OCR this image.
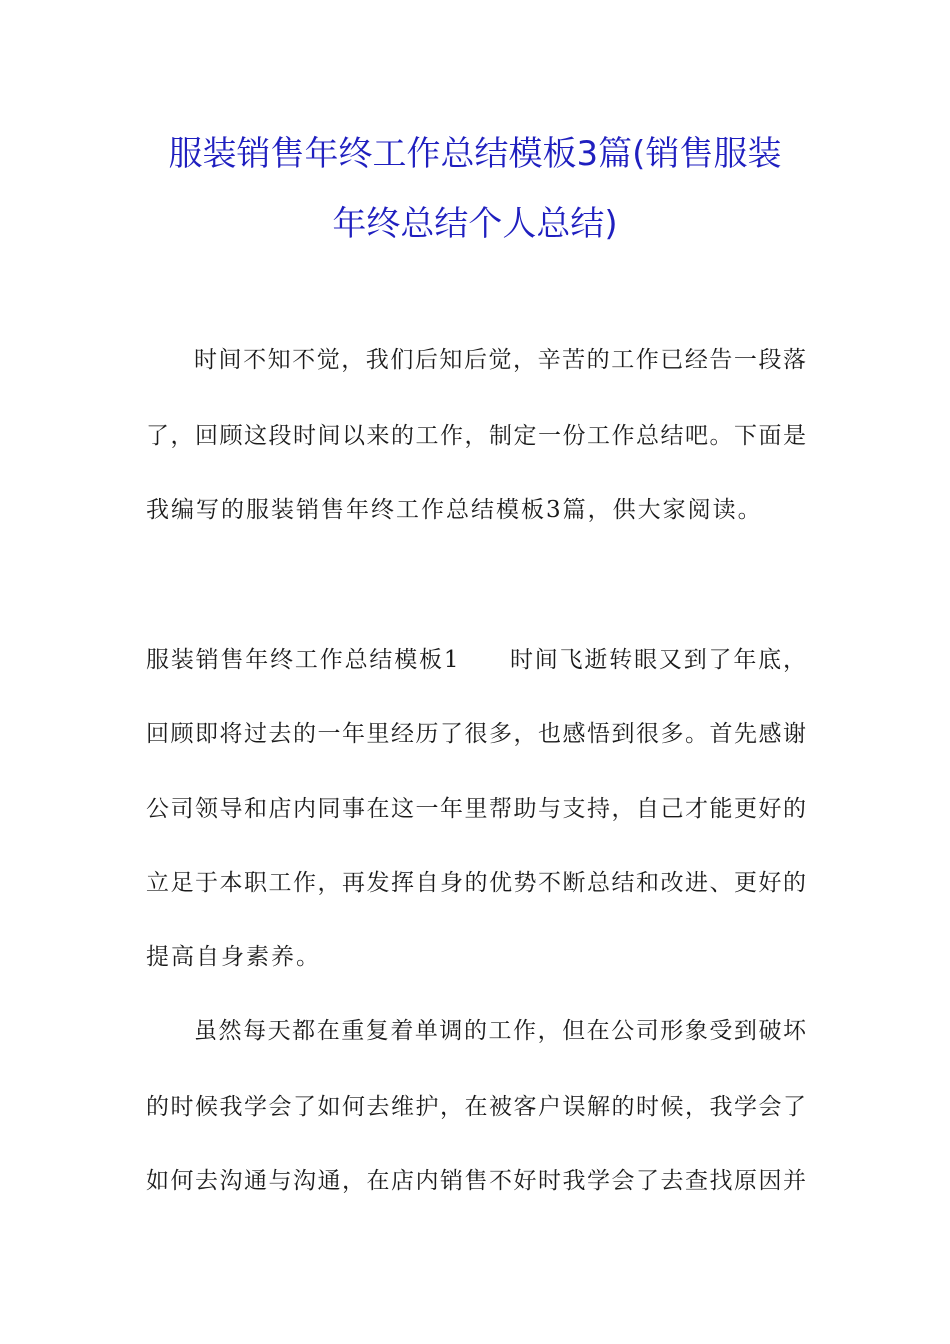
服装销售年终工作总结模板3篇(销售服装
年终总结个人总结)
时间不知不觉，我们后知后觉，辛苦的工作已经告一段落
了，回顾这段时间以来的工作，制定一份工作总结吧。下面是
我编写的服装销售年终工作总结模板3篇，供大家阅读。
服装销售年终工作总结模板1　　时间飞逝转眼又到了年底，
回顾即将过去的一年里经历了很多，也感悟到很多。首先感谢
公司领导和店内同事在这一年里帮助与支持，自己才能更好的
立足于本职工作，再发挥自身的优势不断总结和改进、更好的
提高自身素养。
虽然每天都在重复着单调的工作，但在公司形象受到破坏
的时候我学会了如何去维护，在被客户误解的时候，我学会了
如何去沟通与沟通，在店内销售不好时我学会了去查找原因并
